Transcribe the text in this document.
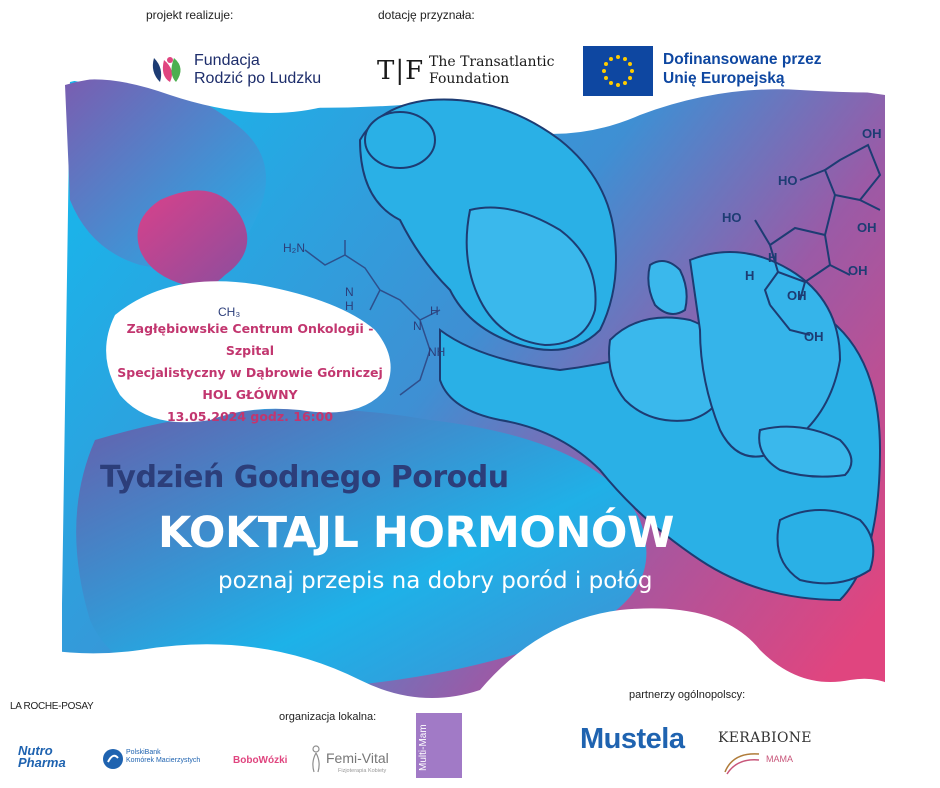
OH
HO
HO
OH
OH
OH
OH
H
H
H₂N
N
H
CH₃
NH
N
H
projekt realizuje:	dotację przyznała:
Fundacja
Rodzić po Ludzku T|F The Transatlantic
Foundation
Dofinansowane przez
Unię Europejską
Zagłębiowskie Centrum Onkologii - Szpital
Specjalistyczny w Dąbrowie Górniczej
HOL GŁÓWNY
13.05.2024 godz. 16:00
Tydzień Godnego Porodu
KOKTAJL HORMONÓW
poznaj przepis na dobry poród i połóg
organizacja lokalna:
partnerzy ogólnopolscy:
LA ROCHE-POSAY
Nutro
Pharma
PolskiBank
Komórek Macierzystych	BoboWózki	Femi-Vital
Fizjoterapia Kobiety	Multi-Mam	Mustela KERABIONE
MAMA
